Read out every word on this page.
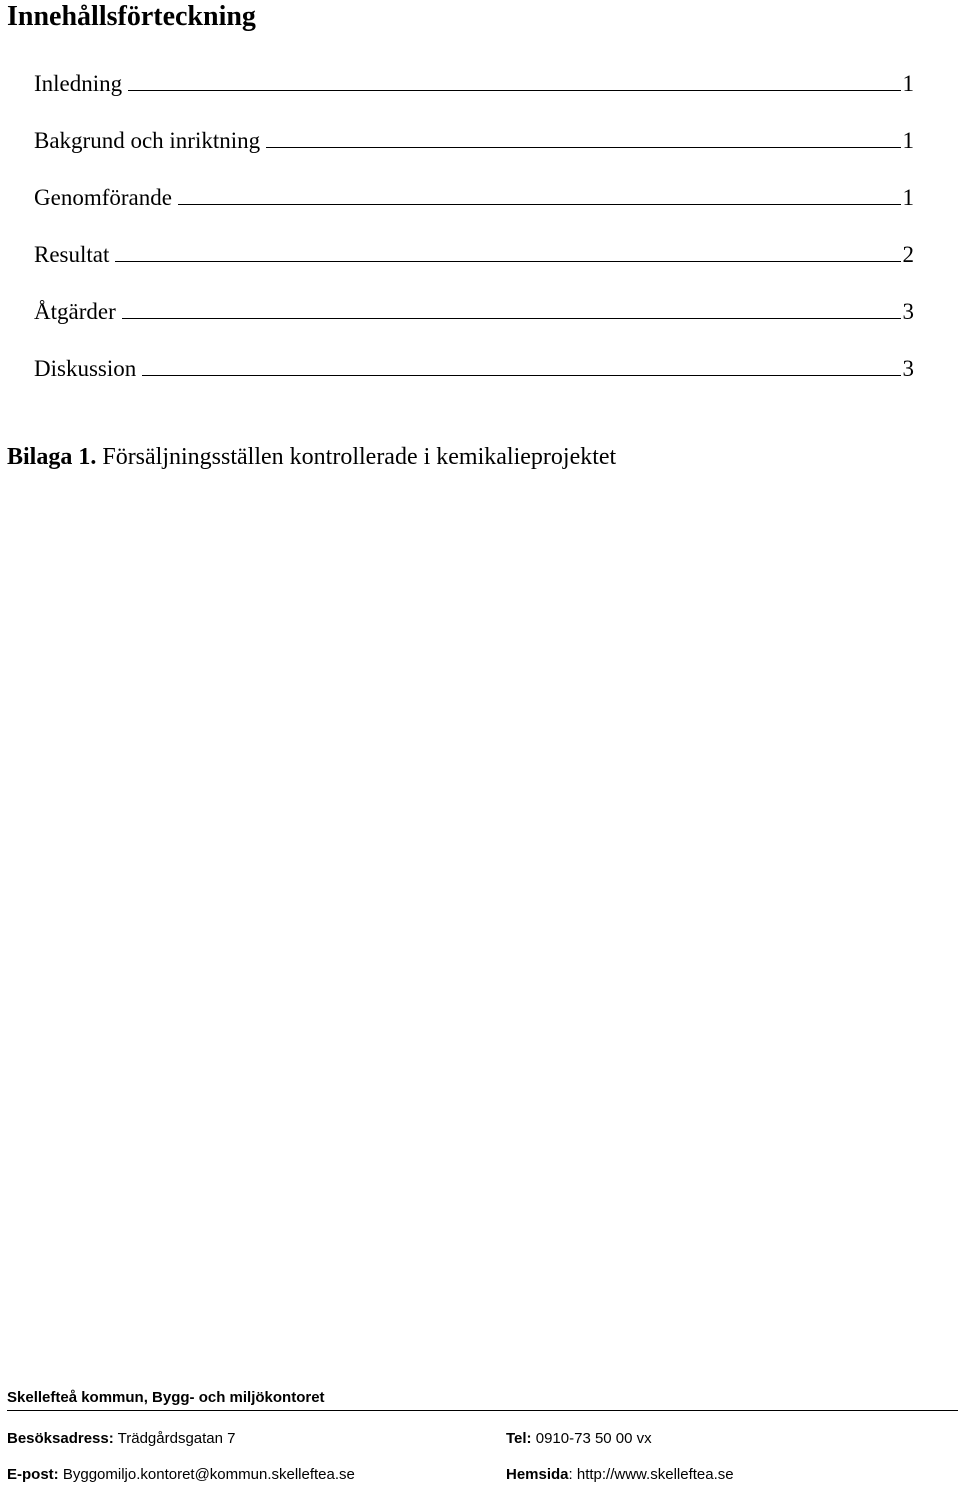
Innehållsförteckning
Inledning	1
Bakgrund och inriktning	1
Genomförande	1
Resultat	2
Åtgärder	3
Diskussion	3
Bilaga 1. Försäljningsställen kontrollerade i kemikalieprojektet
Skellefteå kommun, Bygg- och miljökontoret
Besöksadress: Trädgårdsgatan 7	Tel: 0910-73 50 00 vx
E-post: Byggomiljo.kontoret@kommun.skelleftea.se	Hemsida: http://www.skelleftea.se
